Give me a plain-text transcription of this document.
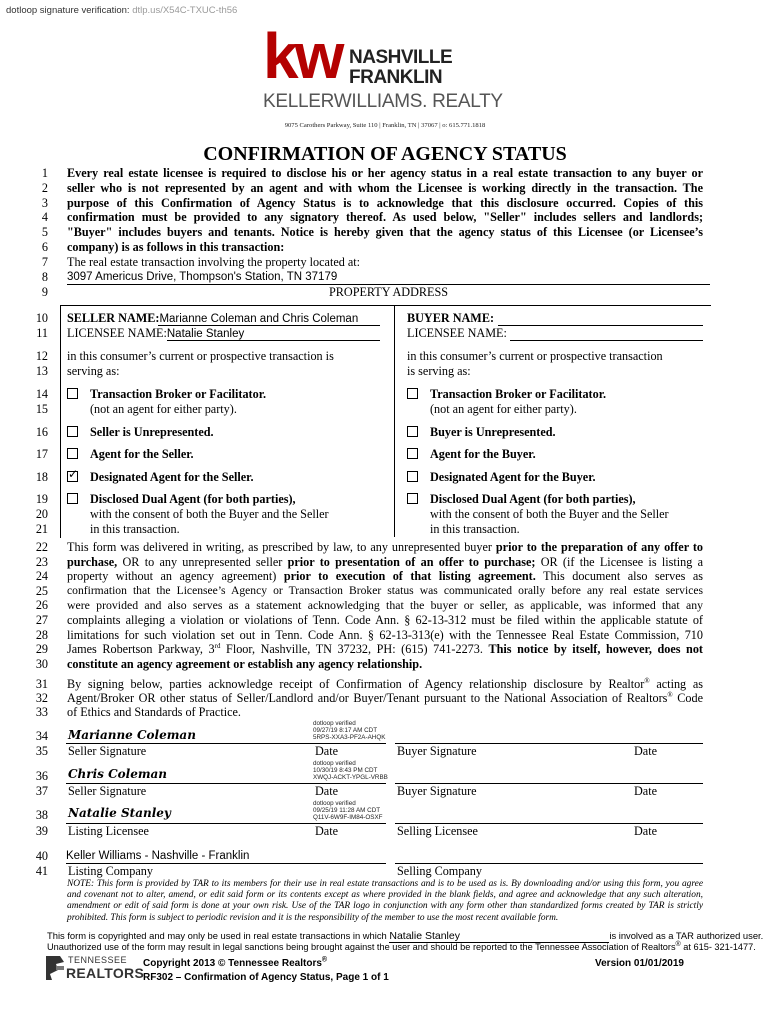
dotloop signature verification: dtlp.us/X54C-TXUC-th56
kw NASHVILLE
FRANKLIN
KELLERWILLIAMS. REALTY
9075 Carothers Parkway, Suite 110 | Franklin, TN | 37067 | o: 615.771.1818
CONFIRMATION OF AGENCY STATUS
1
2
3
4
5
6
7
8
9
10
11
12
13
14
15
16
17
18
19
20
21
22
23
24
25
26
27
28
29
30
31
32
33
34
35
36
37
38
39
40
41
Every real estate licensee is required to disclose his or her agency status in a real estate transaction to any buyer or
seller who is not represented by an agent and with whom the Licensee is working directly in the transaction. The
purpose of this Confirmation of Agency Status is to acknowledge that this disclosure occurred. Copies of this
confirmation must be provided to any signatory thereof. As used below, "Seller" includes sellers and landlords;
"Buyer" includes buyers and tenants. Notice is hereby given that the agency status of this Licensee (or Licensee’s
company) is as follows in this transaction:
The real estate transaction involving the property located at:
3097 Americus Drive, Thompson's Station, TN 37179
PROPERTY ADDRESS
SELLER NAME:Marianne Coleman and Chris Coleman
LICENSEE NAME:Natalie Stanley
in this consumer’s current or prospective transaction is
serving as:
BUYER NAME:
LICENSEE NAME:
in this consumer’s current or prospective transaction
is serving as:
Transaction Broker or Facilitator.
(not an agent for either party).
Seller is Unrepresented.
Agent for the Seller.
✓Designated Agent for the Seller.
Disclosed Dual Agent (for both parties),
with the consent of both the Buyer and the Seller
in this transaction.
Transaction Broker or Facilitator.
(not an agent for either party).
Buyer is Unrepresented.
Agent for the Buyer.
Designated Agent for the Buyer.
Disclosed Dual Agent (for both parties),
with the consent of both the Buyer and the Seller
in this transaction.
This form was delivered in writing, as prescribed by law, to any unrepresented buyer prior to the preparation of any offer to
purchase, OR to any unrepresented seller prior to presentation of an offer to purchase; OR (if the Licensee is listing a
property without an agency agreement) prior to execution of that listing agreement. This document also serves as
confirmation that the Licensee’s Agency or Transaction Broker status was communicated orally before any real estate services
were provided and also serves as a statement acknowledging that the buyer or seller, as applicable, was informed that any
complaints alleging a violation or violations of Tenn. Code Ann. § 62-13-312 must be filed within the applicable statute of
limitations for such violation set out in Tenn. Code Ann. § 62-13-313(e) with the Tennessee Real Estate Commission, 710
James Robertson Parkway, 3rd Floor, Nashville, TN 37232, PH: (615) 741-2273. This notice by itself, however, does not
constitute an agency agreement or establish any agency relationship.
By signing below, parties acknowledge receipt of Confirmation of Agency relationship disclosure by Realtor® acting as
Agent/Broker OR other status of Seller/Landlord and/or Buyer/Tenant pursuant to the National Association of Realtors® Code
of Ethics and Standards of Practice.
Marianne Coleman
dotloop verified
09/27/19 8:17 AM CDT
5RPS-XXA3-PF2A-AHQK
Seller Signature	Date	Buyer Signature	Date
Chris Coleman
dotloop verified
10/30/19 8:43 PM CDT
XWQJ-ACKT-YPGL-VRBB
Seller Signature	Date	Buyer Signature	Date
Natalie Stanley
dotloop verified
09/25/19 11:28 AM CDT
Q11V-6W9F-IM84-OSXF
Listing Licensee	Date	Selling Licensee	Date
Keller Williams - Nashville - Franklin
Listing Company	Selling Company
NOTE: This form is provided by TAR to its members for their use in real estate transactions and is to be used as is. By downloading and/or using this form, you agree and covenant not to alter, amend, or edit said form or its contents except as where provided in the blank fields, and agree and acknowledge that any such alteration, amendment or edit of said form is done at your own risk. Use of the TAR logo in conjunction with any form other than standardized forms created by TAR is strictly prohibited. This form is subject to periodic revision and it is the responsibility of the member to use the most recent available form.
This form is copyrighted and may only be used in real estate transactions in which Natalie Stanley	is involved as a TAR authorized user.
Unauthorized use of the form may result in legal sanctions being brought against the user and should be reported to the Tennessee Association of Realtors® at 615- 321-1477.
TENNESSEE
REALTORS
Copyright 2013 © Tennessee Realtors®
RF302 – Confirmation of Agency Status, Page 1 of 1
Version 01/01/2019
